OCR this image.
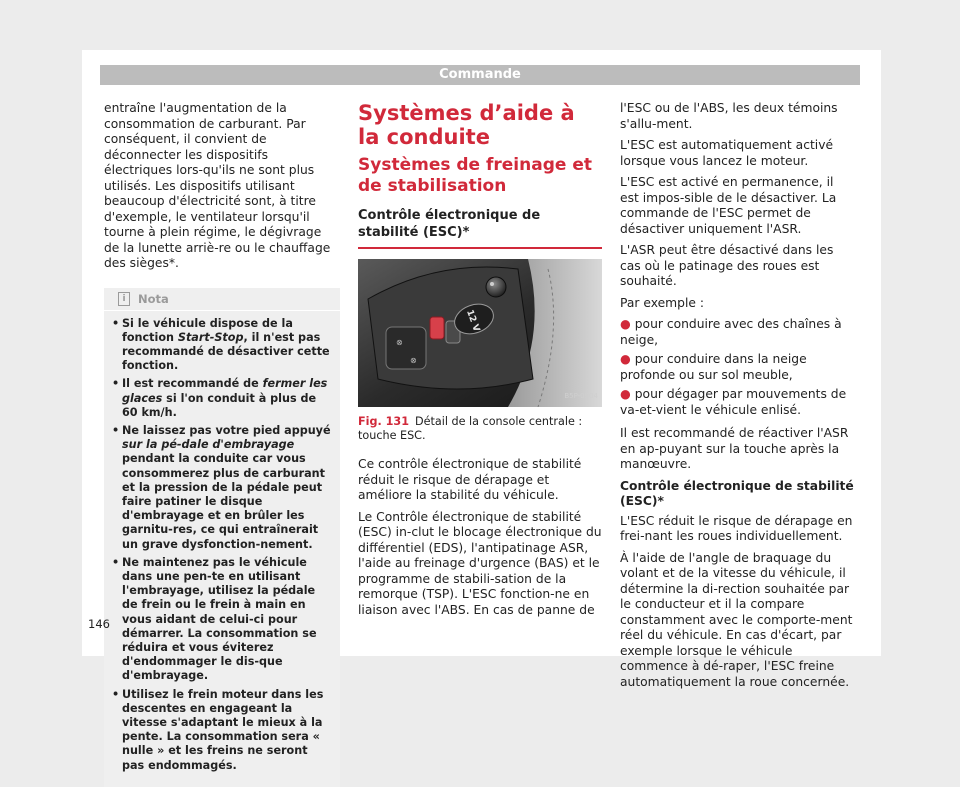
Commande

entraîne l'augmentation de la consommation de carburant. Par conséquent, il convient de déconnecter les dispositifs électriques lors-qu'ils ne sont plus utilisés. Les dispositifs utilisant beaucoup d'électricité sont, à titre d'exemple, le ventilateur lorsqu'il tourne à plein régime, le dégivrage de la lunette arriè-re ou le chauffage des sièges*.

i	Nota
• Si le véhicule dispose de la fonction Start-Stop, il n'est pas recommandé de désactiver cette fonction.
• Il est recommandé de fermer les glaces si l'on conduit à plus de 60 km/h.
• Ne laissez pas votre pied appuyé sur la pé-dale d'embrayage pendant la conduite car vous consommerez plus de carburant et la pression de la pédale peut faire patiner le disque d'embrayage et en brûler les garnitu-res, ce qui entraînerait un grave dysfonction-nement.
• Ne maintenez pas le véhicule dans une pen-te en utilisant l'embrayage, utilisez la pédale de frein ou le frein à main en vous aidant de celui-ci pour démarrer. La consommation se réduira et vous éviterez d'endommager le dis-que d'embrayage.
• Utilisez le frein moteur dans les descentes en engageant la vitesse s'adaptant le mieux à la pente. La consommation sera « nulle » et les freins ne seront pas endommagés.
Systèmes d’aide à la conduite
Systèmes de freinage et de stabilisation
Contrôle électronique de stabilité (ESC)*
⊗
⊗
12 V
B5P-0904
Fig. 131 Détail de la console centrale : touche ESC.

Ce contrôle électronique de stabilité réduit le risque de dérapage et améliore la stabilité du véhicule.

Le Contrôle électronique de stabilité (ESC) in-clut le blocage électronique du différentiel (EDS), l'antipatinage ASR, l'aide au freinage d'urgence (BAS) et le programme de stabili-sation de la remorque (TSP). L'ESC fonction-ne en liaison avec l'ABS. En cas de panne de

l'ESC ou de l'ABS, les deux témoins s'allu-ment.

L'ESC est automatiquement activé lorsque vous lancez le moteur.

L'ESC est activé en permanence, il est impos-sible de le désactiver. La commande de l'ESC permet de désactiver uniquement l'ASR.

L'ASR peut être désactivé dans les cas où le patinage des roues est souhaité.

Par exemple :

● pour conduire avec des chaînes à neige,
● pour conduire dans la neige profonde ou sur sol meuble,
● pour dégager par mouvements de va-et-vient le véhicule enlisé.

Il est recommandé de réactiver l'ASR en ap-puyant sur la touche après la manœuvre.

Contrôle électronique de stabilité (ESC)*

L'ESC réduit le risque de dérapage en frei-nant les roues individuellement.

À l'aide de l'angle de braquage du volant et de la vitesse du véhicule, il détermine la di-rection souhaitée par le conducteur et il la compare constamment avec le comporte-ment réel du véhicule. En cas d'écart, par exemple lorsque le véhicule commence à dé-raper, l'ESC freine automatiquement la roue concernée.

146
